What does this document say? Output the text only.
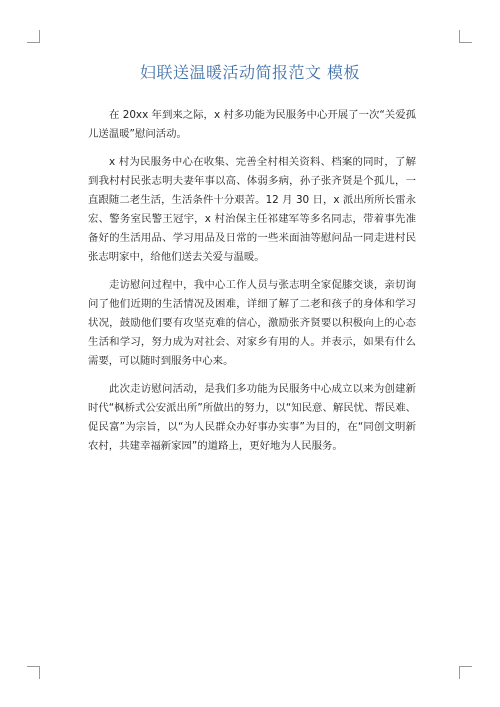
妇联送温暖活动简报范文 模板

在 20xx 年到来之际，x 村多功能为民服务中心开展了一次“关爱孤儿送温暖”慰问活动。

x 村为民服务中心在收集、完善全村相关资料、档案的同时，了解到我村村民张志明夫妻年事以高、体弱多病，孙子张齐贤是个孤儿，一直跟随二老生活，生活条件十分艰苦。12 月 30 日，x 派出所所长雷永宏、警务室民警王冠宇，x 村治保主任祁建军等多名同志，带着事先准备好的生活用品、学习用品及日常的一些米面油等慰问品一同走进村民张志明家中，给他们送去关爱与温暖。

走访慰问过程中，我中心工作人员与张志明全家促膝交谈，亲切询问了他们近期的生活情况及困难，详细了解了二老和孩子的身体和学习状况，鼓励他们要有攻坚克难的信心，激励张齐贤要以积极向上的心态生活和学习，努力成为对社会、对家乡有用的人。并表示，如果有什么需要，可以随时到服务中心来。

此次走访慰问活动，是我们多功能为民服务中心成立以来为创建新时代“枫桥式公安派出所”所做出的努力，以“知民意、解民忧、帮民难、促民富”为宗旨，以“为人民群众办好事办实事”为目的，在“同创文明新农村，共建幸福新家园”的道路上，更好地为人民服务。
